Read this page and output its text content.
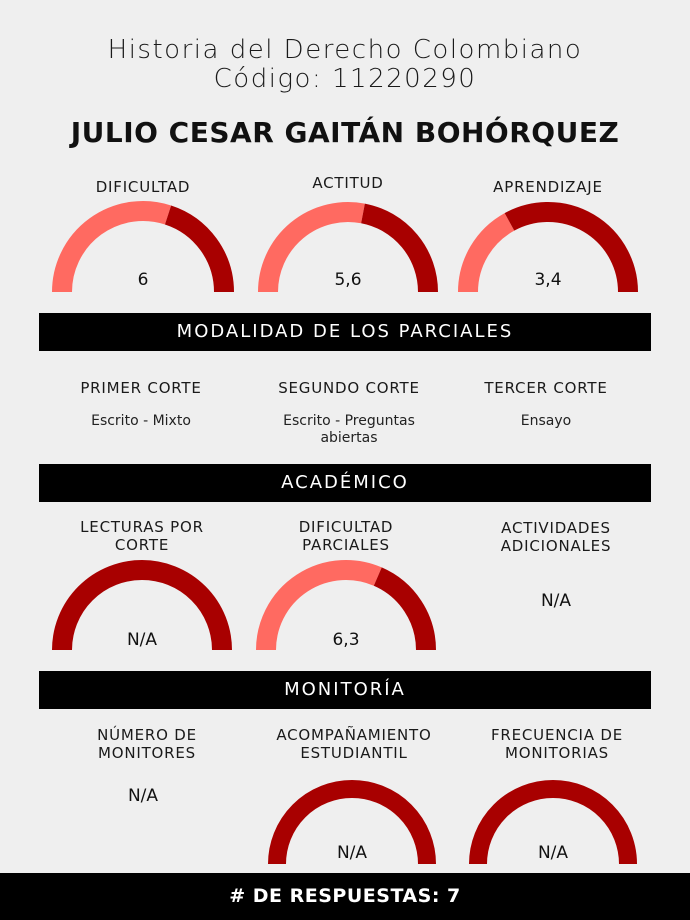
Historia del Derecho Colombiano
Código: 11220290
JULIO CESAR GAITÁN BOHÓRQUEZ
DIFICULTAD
6
ACTITUD
5,6
APRENDIZAJE
3,4
MODALIDAD DE LOS PARCIALES
PRIMER CORTE
Escrito - Mixto
SEGUNDO CORTE
Escrito - Preguntas abiertas
TERCER CORTE
Ensayo
ACADÉMICO
LECTURAS POR CORTE
N/A
DIFICULTAD PARCIALES
6,3
ACTIVIDADES ADICIONALES
N/A
MONITORÍA
NÚMERO DE MONITORES
N/A
ACOMPAÑAMIENTO ESTUDIANTIL
N/A
FRECUENCIA DE MONITORIAS
N/A
# DE RESPUESTAS: 7
